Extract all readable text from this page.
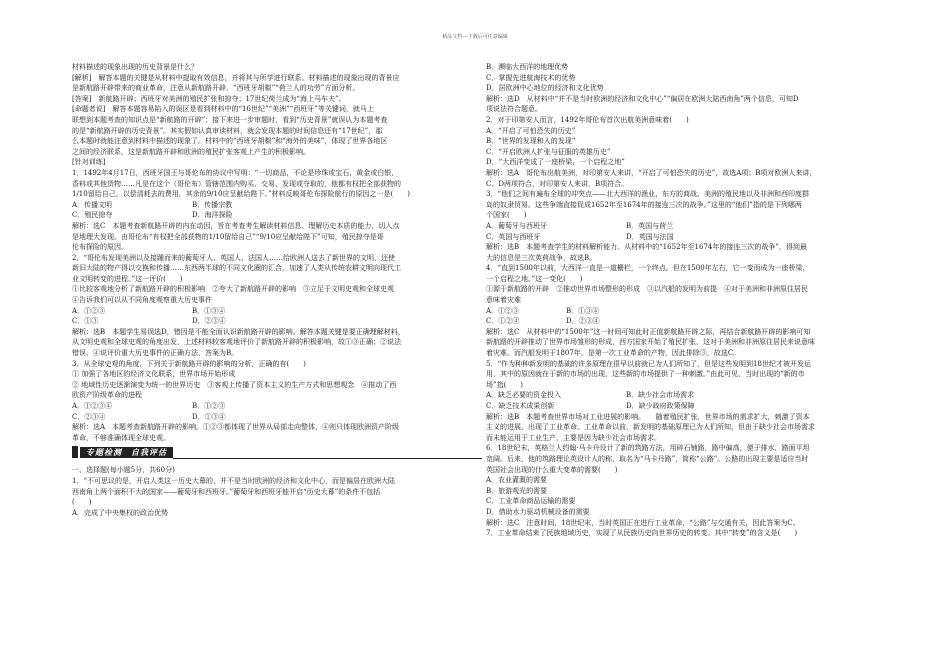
精品文档---下载后可任意编辑

材料描述的现象出现的历史背景是什么？

[解析]　解答本题的关键是从材料中提取有效信息，并将其与所学进行联系。材料描述的现象出现的背景应

是新航路开辟带来的商业革命，注意从新航路开辟，“西班牙胡椒”“荷兰人的功劳”方面分析。

[答案]　新航路开辟；西班牙对美洲的殖民扩张和掠夺；17世纪荷兰成为“海上马车夫”。

[命题者说]　解答本题容易陷入的误区是看到材料中的“16世纪”“美洲”“西班牙”等关键词，就马上

联想到本题考查的知识点是“新航路的开辟”；接下来进一步审题时，看到“历史背景”就误认为本题考查

的是“新航路开辟的历史背景”。其实假如认真审读材料，就会发现本题的时间信息还有“17世纪”，那

么本题时就能注意到材料中描述的现象了。材料中的“西班牙胡椒”和“海外的美味”，体现了世界各地区

之间的经济联系，这是新航路开辟和欧洲的殖民扩张客观上产生的积极影响。

[针对训练]

1．1492年4月17日，西班牙国王与哥伦布的协议中写明：“一切商品，不论是珍珠或宝石，黄金或白银，

香料或其他货物……凡是在这个（哥伦布）管辖范围内购买、交易、发现或夺取的，他都有权把全部获物的

1/10留给自己，以偿清耗去的费用，其余的9/10应呈献给陛下。”材料反映哥伦布探险航行的原因之一是(　　)

A．传播文明	B．传播宗教
C．殖民掠夺	D．海洋探险

解析：选C　本题考查新航路开辟的内在动因，旨在考查考生解读材料信息、理解历史本质的能力，切入点

是地理大发现。由哥伦布“有权把全部获物的1/10留给自己”“9/10应呈献给陛下”可知，殖民掠夺是哥

伦布探险的原因。

2．“哥伦布发现美洲以及接踵而来的葡萄牙人、英国人、法国人……给欧洲人送去了新世界的文明，还使

新旧大陆的物产得以交换和传播……东西两半球的不同文化圈的汇合，加速了人类从传统农耕文明向现代工

业文明转变的进程。”这一评价(　　)

①比较客观地分析了新航路开辟的积极影响　②夸大了新航路开辟的影响　③立足于文明史观和全球史观

④告诉我们可以从不同角度观察重大历史事件

A．①②③	B．①③④
C．①③	D．②③④

解析：选B　本题学生易误选D，错因是不能全面认识新航路开辟的影响。解答本题关键是要正确理解材料，

从文明史观和全球史观的角度出发，上述材料较客观地评价了新航路开辟的积极影响，故①③正确；②说法

错误，④说评价重大历史事件的正确方法，答案为B。

3．从全球史观的角度，下列关于新航路开辟的影响的分析，正确的有(　　)

① 加强了各地区的经济文化联系，世界市场开始形成

② 地域性历史逐渐演变为统一的世界历史　③客观上传播了资本主义的生产方式和思想观念　④推动了西

欧资产阶级革命的进程

A．①②③④	B．①②③
C．②③④	D．①③④

解析：选A　本题考查新航路开辟的影响。①②③都体现了世界从局部走向整体，④则只体现欧洲资产阶级

革命，不够准确体现全球史观。

专题检测　自我评估

一、选择题(每小题5分，共60分)

1．“不可思议的是，开启人类这一历史大幕的，并不是当时欧洲的经济和文化中心，而是偏居在欧洲大陆

西南角上两个面积不大的国家——葡萄牙和西班牙。”葡萄牙和西班牙能开启“历史大幕”的条件不包括

(　　)

A．完成了中央集权的政治优势

B．濒临大西洋的地理优势

C．掌握先进航海技术的优势

D．居欧洲中心地位的经济和文化优势

解析：选D　从材料中“并不是当时欧洲的经济和文化中心”“偏居在欧洲大陆西南角”两个信息，可知D

项说法符合题意。

2．对于印第安人而言，1492年哥伦布首次出航美洲意味着(　　)

A．“开启了可怕恐失的历史”

B．“世界的发现和人的发现”

C．“开启欧洲人扩张与征服的英雄历史”

D．“大西洋变成了一座桥梁，一个启程之地”

解析：选A　哥伦布出航美洲，对印第安人来讲，“开启了可怕恐失的历史”，故选A项；B项对欧洲人来讲，

C、D两项符合，对印第安人来讲，B项符合。

3．“他们之间有遍布全球的冲突点——北大西洋的渔业、东方的商战、美洲的殖民地以及非洲和西印度群

岛的奴隶贸易。这些争端直接促成1652年至1674年的接连三次的战争。”这里的“他们”指的是下列哪两

个国家(　　)

A．葡萄牙与西班牙	B．英国与荷兰
C．英国与西班牙	D．英国与法国

解析：选B　本题考查学生的材料解析能力。从材料中的“1652年至1674年的接连三次的战争”，得到最

大的信息是三次英荷战争，故选B。

4．“直到1500年以前，大西洋一直是一道栅栏，一个终点。但在1500年左右，它一变而成为一座桥梁，

一个启程之地。”这一变化(　　)

①源于新航路的开辟　②推动世界市场整形的形成　③以汽船的发明为前提　④对于美洲和非洲原住居民

意味着灾难

A．①②③	B．①③④
C．①②④	D．②③④

解析：选C　从材料中的“1500年”这一时间可知此时正值新航路开辟之际，再结合新航路开辟的影响可知

新航路的开辟推动了世界市场雏形的形成，西方国家开始了殖民扩张，这对于美洲和非洲原住居民来说意味

着灾难。而汽船发明于1807年，是第一次工业革命的产物，因此排除③，故选C。

5．“作为种种新发明的基础的许多原理在很早以前就已为人们所知了，但是这些发明到18世纪才被开发运

用，其中的原因就在于新的市场的出现，这些新的市场提供了一种刺激。”由此可见，当时出现的“新的市

场”指(　　)

A．缺乏必要的资金投入	B．缺少社会市场需求
C．缺乏技术成果创新	D．缺少政府政策保障

解析：选B　本题考查世界市场对工业进展的影响。　　随着殖民扩张，世界市场的需求扩大，刺激了资本

主义的进展，出现了工业革命。工业革命以前，新发明的基础原理已为人们所知，但由于缺少社会市场需求

而未能运用于工业生产，主要是因为缺少社会市场需求。

6．18世纪末，英格兰人约翰·马卡丹设计了新的筑路方法，用碎石铺路，路中偏高，便于排水，路面平坦

宽阔。后来，他的筑路理论英设计人的称，取名为“马卡丹路”，简称“公路”。公路的出现主要是适应当时

英国社会出现的什么重大变革的需要(　　)

A．农业灌溉的需要

B．旅游观光的需要

C．工业革命商品运输的需要

D．借助水力驱动机械设备的需要

解析：选C　注意时间，18世纪末，当时英国正在进行工业革命，“公路”与交通有关，因此答案为C。

7．工业革命结束了民族地域历史，实现了从民族历史向世界历史的转变。其中“转变”的含义是(　　)
